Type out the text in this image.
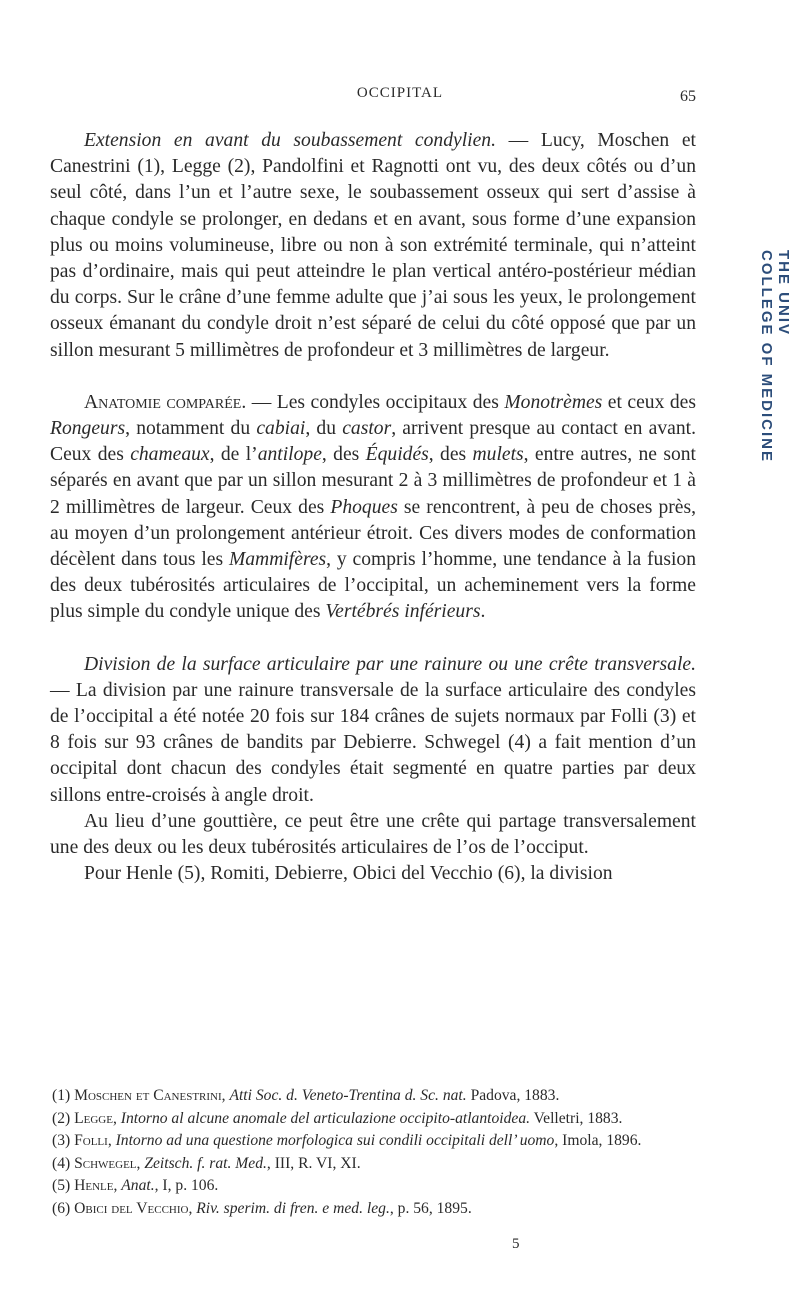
OCCIPITAL	65

Extension en avant du soubassement condylien. — Lucy, Moschen et Canestrini (1), Legge (2), Pandolfini et Ragnotti ont vu, des deux côtés ou d’un seul côté, dans l’un et l’autre sexe, le soubassement osseux qui sert d’assise à chaque condyle se prolonger, en dedans et en avant, sous forme d’une expansion plus ou moins volumineuse, libre ou non à son extrémité terminale, qui n’atteint pas d’ordinaire, mais qui peut atteindre le plan vertical antéro-postérieur médian du corps. Sur le crâne d’une femme adulte que j’ai sous les yeux, le prolongement osseux émanant du condyle droit n’est séparé de celui du côté opposé que par un sillon mesurant 5 millimètres de profondeur et 3 millimètres de largeur.

Anatomie comparée. — Les condyles occipitaux des Monotrèmes et ceux des Rongeurs, notamment du cabiai, du castor, arrivent presque au contact en avant. Ceux des chameaux, de l’antilope, des Équidés, des mulets, entre autres, ne sont séparés en avant que par un sillon mesurant 2 à 3 millimètres de profondeur et 1 à 2 millimètres de largeur. Ceux des Phoques se rencontrent, à peu de choses près, au moyen d’un prolongement antérieur étroit. Ces divers modes de conformation décèlent dans tous les Mammifères, y compris l’homme, une tendance à la fusion des deux tubérosités articulaires de l’occipital, un acheminement vers la forme plus simple du condyle unique des Vertébrés inférieurs.

Division de la surface articulaire par une rainure ou une crête transversale. — La division par une rainure transversale de la surface articulaire des condyles de l’occipital a été notée 20 fois sur 184 crânes de sujets normaux par Folli (3) et 8 fois sur 93 crânes de bandits par Debierre. Schwegel (4) a fait mention d’un occipital dont chacun des condyles était segmenté en quatre parties par deux sillons entre-croisés à angle droit.

Au lieu d’une gouttière, ce peut être une crête qui partage transversalement une des deux ou les deux tubérosités articulaires de l’os de l’occiput.

Pour Henle (5), Romiti, Debierre, Obici del Vecchio (6), la division

(1) Moschen et Canestrini, Atti Soc. d. Veneto-Trentina d. Sc. nat. Padova, 1883.

(2) Legge, Intorno al alcune anomale del articulazione occipito-atlantoidea. Velletri, 1883.

(3) Folli, Intorno ad una questione morfologica sui condili occipitali dell’ uomo, Imola, 1896.

(4) Schwegel, Zeitsch. f. rat. Med., III, R. VI, XI.

(5) Henle, Anat., I, p. 106.

(6) Obici del Vecchio, Riv. sperim. di fren. e med. leg., p. 56, 1895.

5
THE UNIV COLLEGE OF MEDICINE
